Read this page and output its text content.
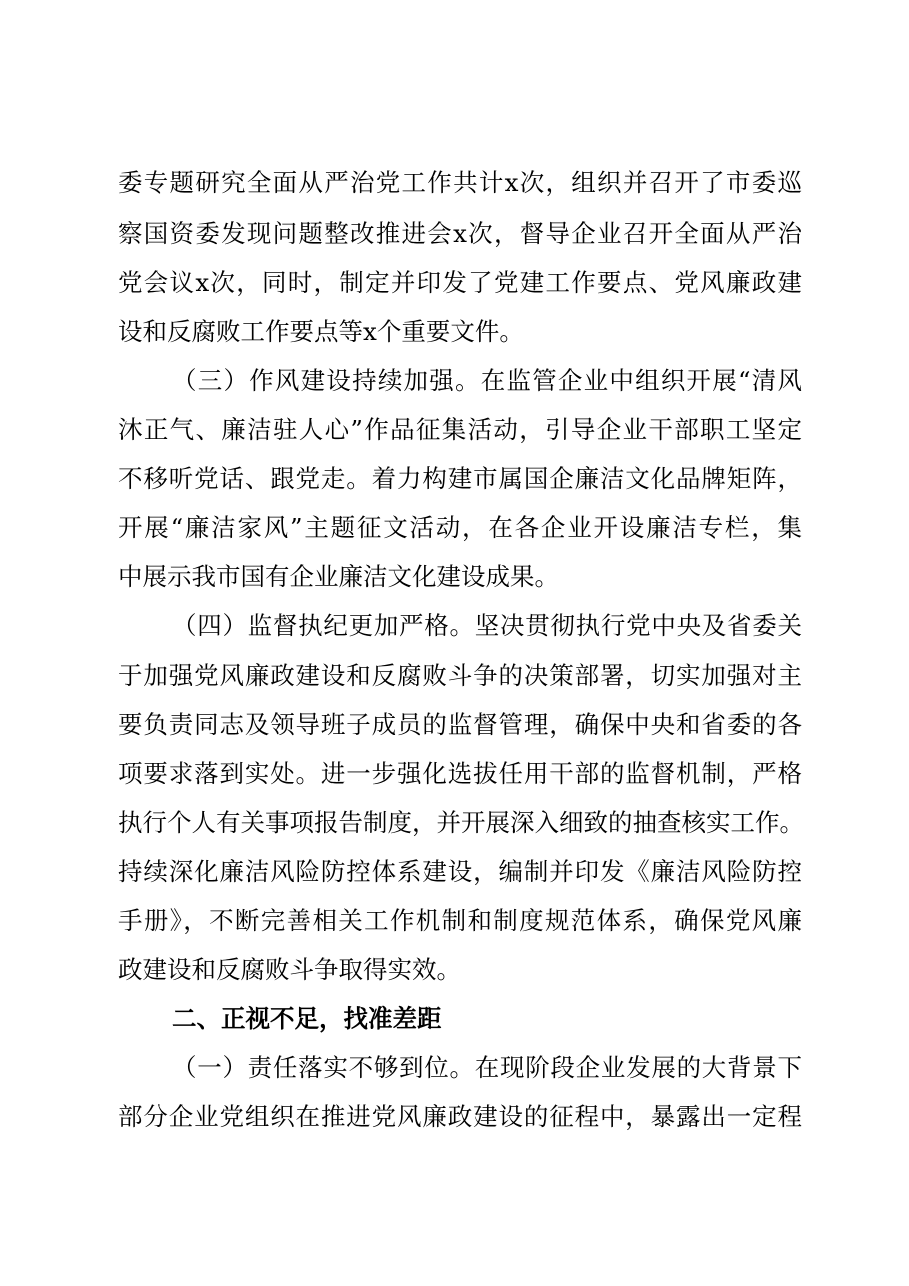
委专题研究全面从严治党工作共计x次，组织并召开了市委巡
察国资委发现问题整改推进会x次，督导企业召开全面从严治
党会议x次，同时，制定并印发了党建工作要点、党风廉政建
设和反腐败工作要点等x个重要文件。
（三）作风建设持续加强。在监管企业中组织开展“清风
沐正气、廉洁驻人心”作品征集活动，引导企业干部职工坚定
不移听党话、跟党走。着力构建市属国企廉洁文化品牌矩阵，
开展“廉洁家风”主题征文活动，在各企业开设廉洁专栏，集
中展示我市国有企业廉洁文化建设成果。
（四）监督执纪更加严格。坚决贯彻执行党中央及省委关
于加强党风廉政建设和反腐败斗争的决策部署，切实加强对主
要负责同志及领导班子成员的监督管理，确保中央和省委的各
项要求落到实处。进一步强化选拔任用干部的监督机制，严格
执行个人有关事项报告制度，并开展深入细致的抽查核实工作。
持续深化廉洁风险防控体系建设，编制并印发《廉洁风险防控
手册》，不断完善相关工作机制和制度规范体系，确保党风廉
政建设和反腐败斗争取得实效。
二、正视不足，找准差距
（一）责任落实不够到位。在现阶段企业发展的大背景下
部分企业党组织在推进党风廉政建设的征程中，暴露出一定程
